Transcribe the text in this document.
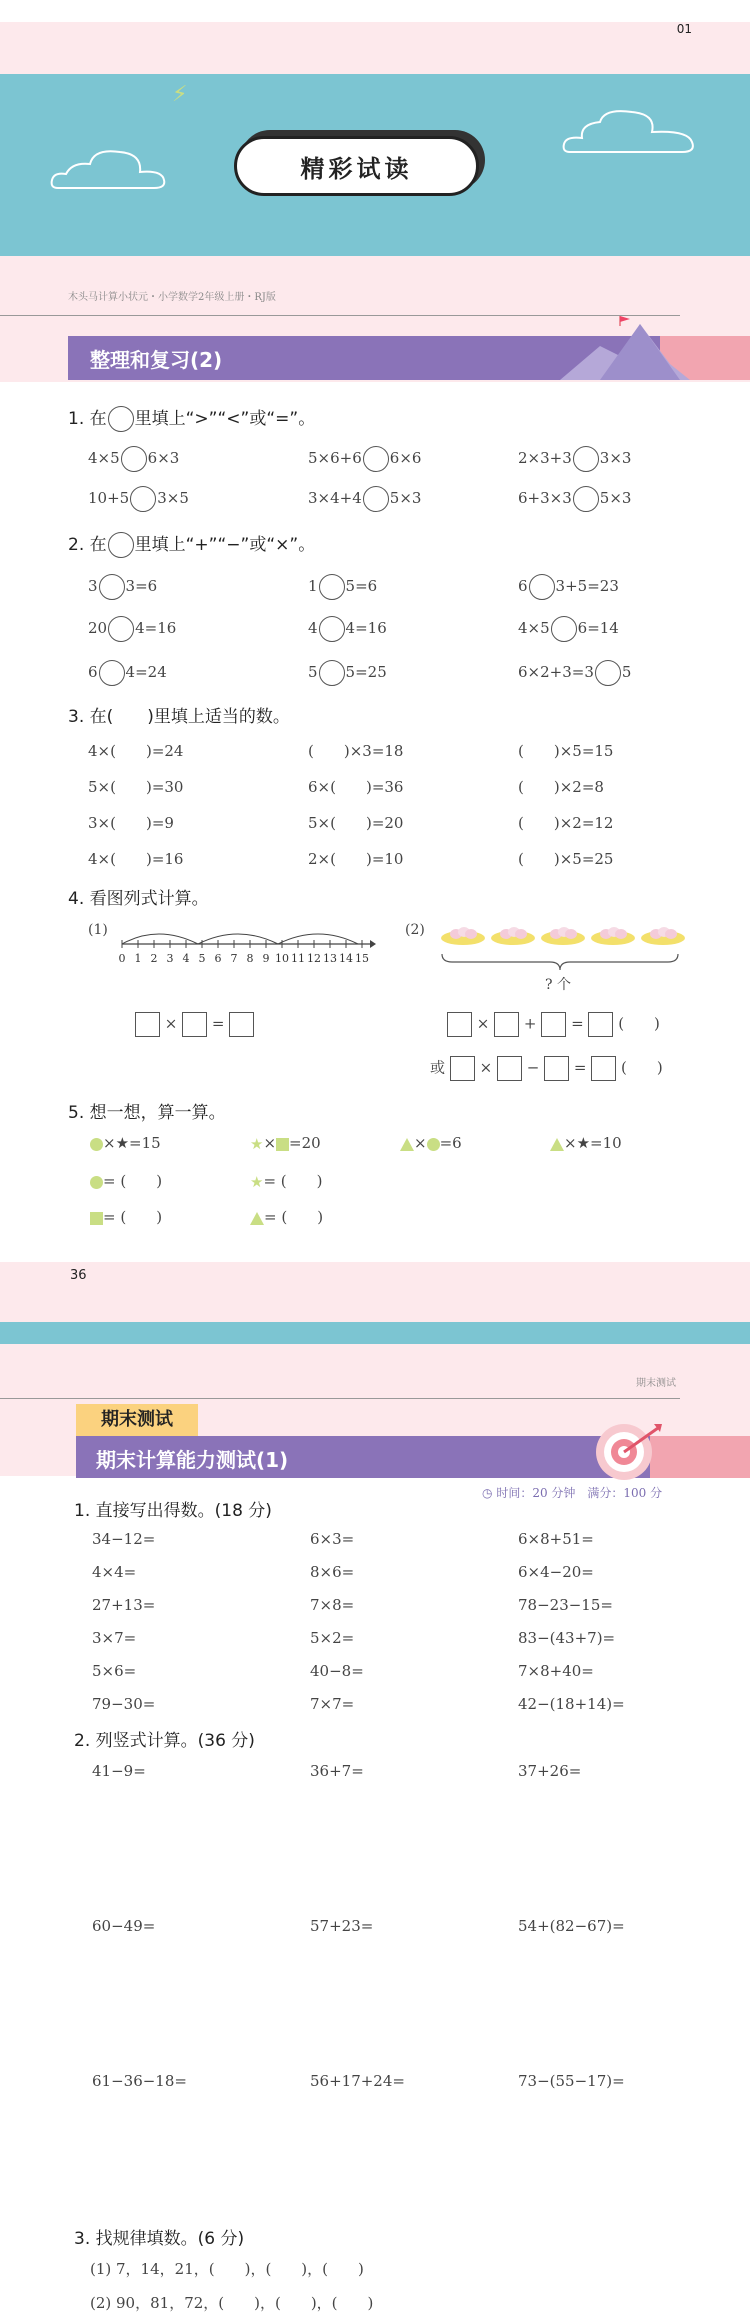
01
⚡
精彩试读
木头马计算小状元・小学数学2年级上册・RJ版
整理和复习(2)
1. 在 里填上“>”“<”或“=”。
4×5 6×3	5×6+6 6×6	2×3+3 3×3
10+5 3×5	3×4+4 5×3	6+3×3 5×3
2. 在 里填上“+”“−”或“×”。
3 3=6	1 5=6	6 3+5=23
20 4=16	4 4=16	4×5 6=14
6 4=24	5 5=25	6×2+3=3 5
3. 在(　　)里填上适当的数。
4×(　　)=24	(　　)×3=18	(　　)×5=15
5×(　　)=30	6×(　　)=36	(　　)×2=8
3×(　　)=9	5×(　　)=20	(　　)×2=12
4×(　　)=16	2×(　　)=10	(　　)×5=25
4. 看图列式计算。
(1)
0 1 2 3 4 5 6 7 8 9 10 11 12 13 14 15
(2)
? 个
× =	× + = (　　)
或 × − = (　　)
5. 想一想，算一算。
×★=15	★× =20	× =6	×★=10
= (　　)	★= (　　)
= (　　)	= (　　)
36
期末测试
期末测试
期末计算能力测试(1)
◷ 时间：20 分钟　满分：100 分
1. 直接写出得数。(18 分)
34−12=	6×3=	6×8+51=
4×4=	8×6=	6×4−20=
27+13=	7×8=	78−23−15=
3×7=	5×2=	83−(43+7)=
5×6=	40−8=	7×8+40=
79−30=	7×7=	42−(18+14)=
2. 列竖式计算。(36 分)
41−9=	36+7=	37+26=
60−49=	57+23=	54+(82−67)=
61−36−18=	56+17+24=	73−(55−17)=
3. 找规律填数。(6 分)
(1) 7，14，21，(　　)，(　　)，(　　)
(2) 90，81，72，(　　)，(　　)，(　　)
